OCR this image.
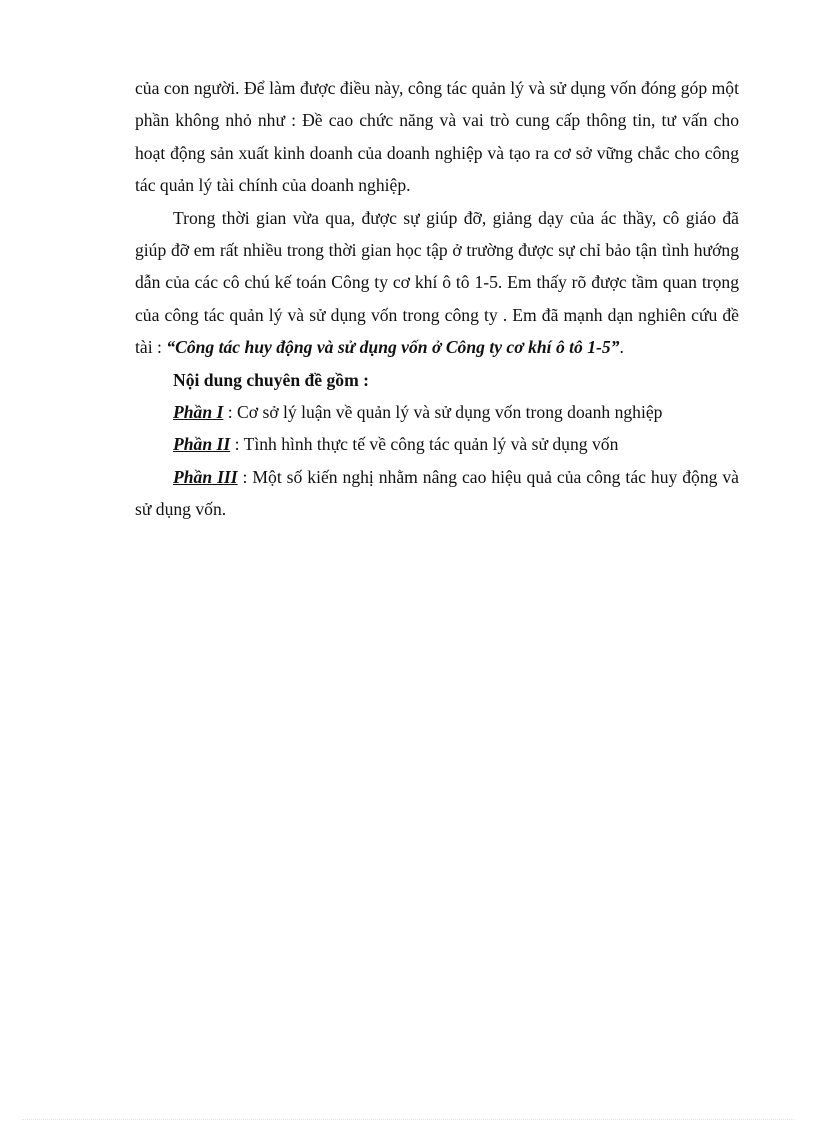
của con người. Để làm được điều này, công tác quản lý và sử dụng vốn đóng góp một phần không nhỏ như : Đề cao chức năng và vai trò cung cấp thông tin, tư vấn cho hoạt động sản xuất kinh doanh của doanh nghiệp và tạo ra cơ sở vững chắc cho công tác quản lý tài chính của doanh nghiệp.

Trong thời gian vừa qua, được sự giúp đỡ, giảng dạy của ác thầy, cô giáo đã giúp đỡ em rất nhiều trong thời gian học tập ở trường được sự chỉ bảo tận tình hướng dẫn của các cô chú kế toán Công ty cơ khí ô tô 1-5. Em thấy rõ được tầm quan trọng của công tác quản lý và sử dụng vốn trong công ty . Em đã mạnh dạn nghiên cứu đề tài : “Công tác huy động và sử dụng vốn ở Công ty cơ khí ô tô 1-5”.

Nội dung chuyên đề gồm :

Phần I : Cơ sở lý luận về quản lý và sử dụng vốn trong doanh nghiệp

Phần II : Tình hình thực tế về công tác quản lý và sử dụng vốn

Phần III : Một số kiến nghị nhằm nâng cao hiệu quả của công tác huy động và sử dụng vốn.
